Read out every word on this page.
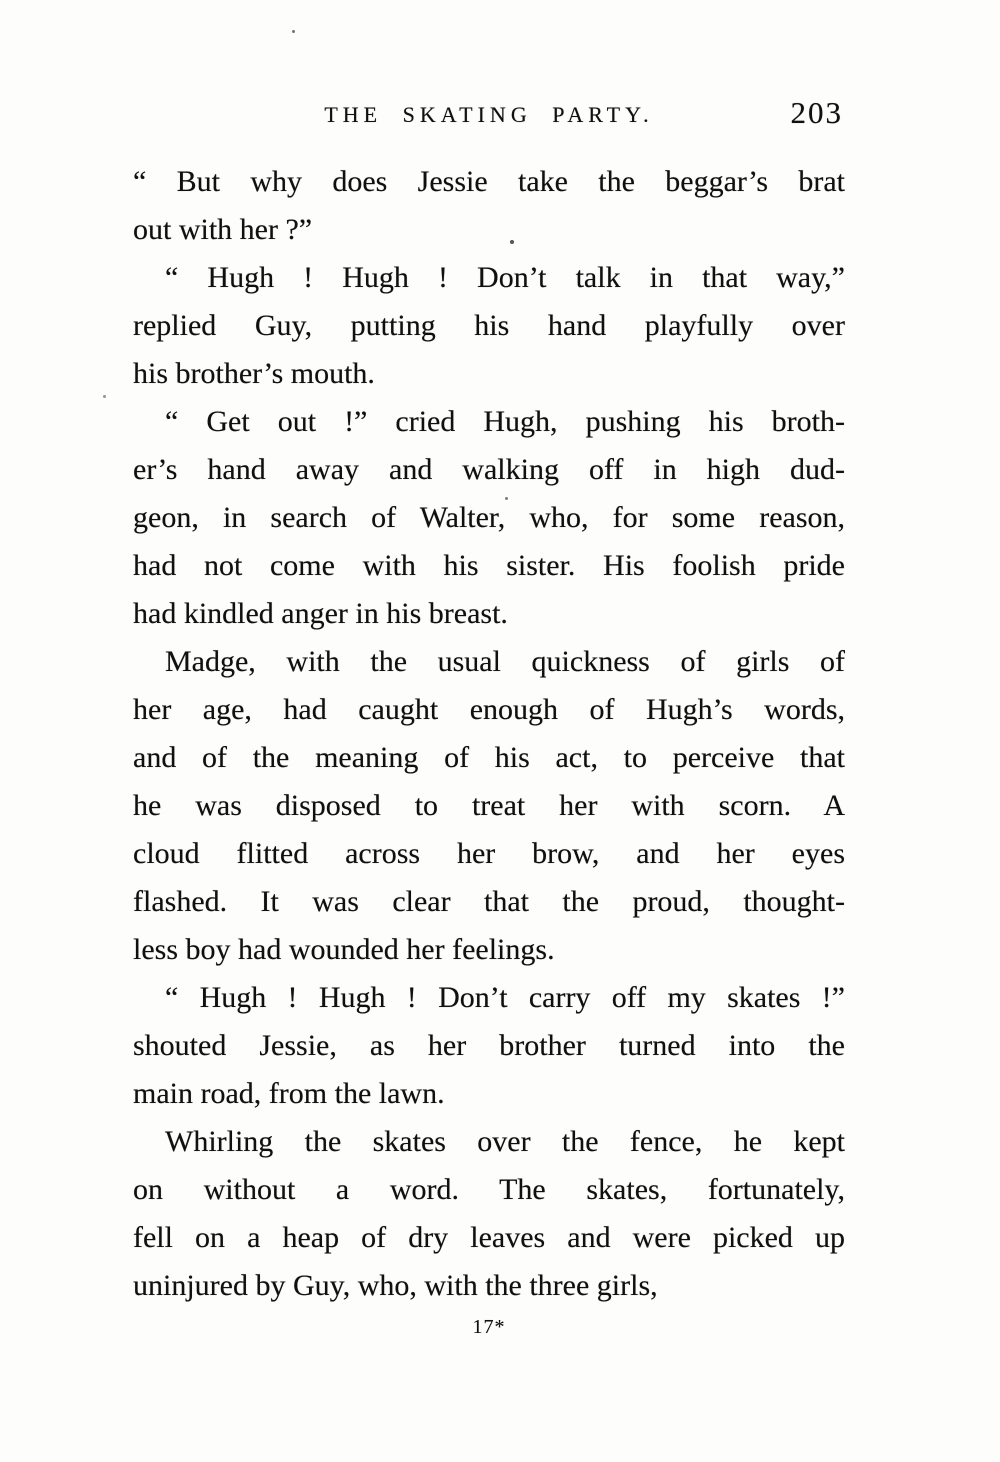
THE SKATING PARTY.	203
“ But why does Jessie take the beggar’s brat
out with her ?”
“ Hugh ! Hugh ! Don’t talk in that way,”
replied Guy, putting his hand playfully over
his brother’s mouth.
“ Get out !” cried Hugh, pushing his broth-
er’s hand away and walking off in high dud-
geon, in search of Walter, who, for some reason,
had not come with his sister. His foolish pride
had kindled anger in his breast.
Madge, with the usual quickness of girls of
her age, had caught enough of Hugh’s words,
and of the meaning of his act, to perceive that
he was disposed to treat her with scorn. A
cloud flitted across her brow, and her eyes
flashed. It was clear that the proud, thought-
less boy had wounded her feelings.
“ Hugh ! Hugh ! Don’t carry off my skates !”
shouted Jessie, as her brother turned into the
main road, from the lawn.
Whirling the skates over the fence, he kept
on without a word. The skates, fortunately,
fell on a heap of dry leaves and were picked up
uninjured by Guy, who, with the three girls,
17*
